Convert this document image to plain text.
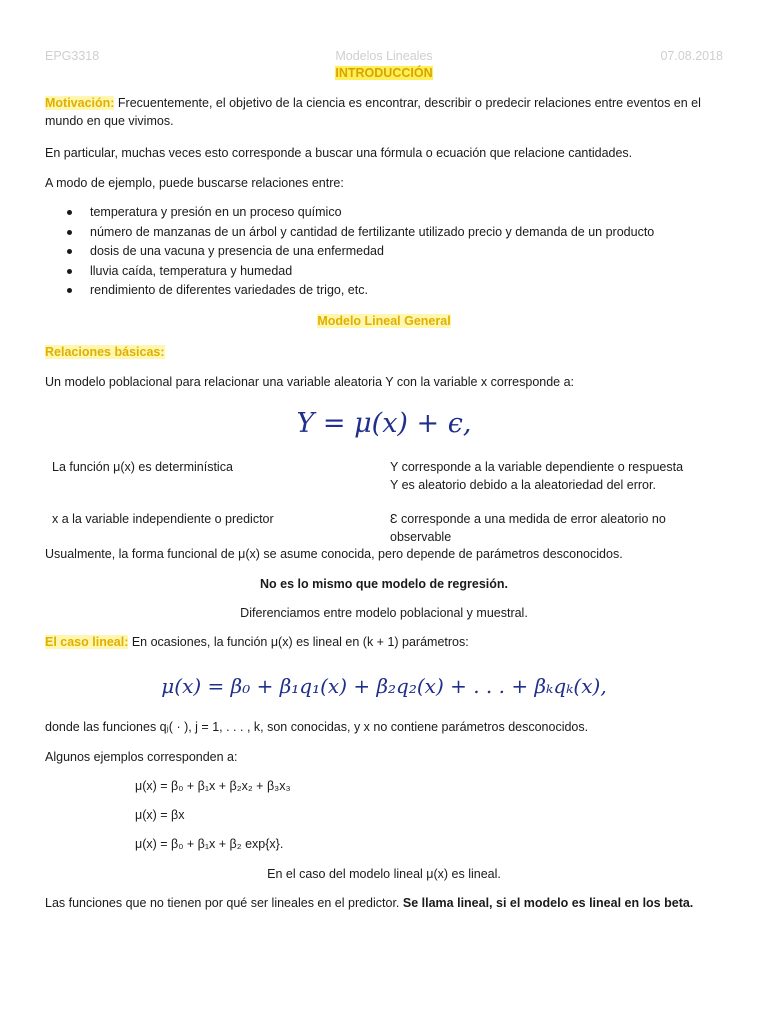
EPG3318	Modelos Lineales	07.08.2018
INTRODUCCIÓN
Motivación: Frecuentemente, el objetivo de la ciencia es encontrar, describir o predecir relaciones entre eventos en el mundo en que vivimos.
En particular, muchas veces esto corresponde a buscar una fórmula o ecuación que relacione cantidades.
A modo de ejemplo, puede buscarse relaciones entre:
temperatura y presión en un proceso químico
número de manzanas de un árbol y cantidad de fertilizante utilizado precio y demanda de un producto
dosis de una vacuna y presencia de una enfermedad
lluvia caída, temperatura y humedad
rendimiento de diferentes variedades de trigo, etc.
Modelo Lineal General
Relaciones básicas:
Un modelo poblacional para relacionar una variable aleatoria Y con la variable x corresponde a:
Y = μ(x) + ϵ,
La función μ(x) es determinística	Y corresponde a la variable dependiente o respuesta
Y es aleatorio debido a la aleatoriedad del error.
x a la variable independiente o predictor	Ɛ corresponde a una medida de error aleatorio no
observable
Usualmente, la forma funcional de μ(x) se asume conocida, pero depende de parámetros desconocidos.
No es lo mismo que modelo de regresión.
Diferenciamos entre modelo poblacional y muestral.
El caso lineal: En ocasiones, la función μ(x) es lineal en (k + 1) parámetros:
μ(x) = β₀ + β₁q₁(x) + β₂q₂(x) + . . . + βₖqₖ(x),
donde las funciones qⱼ( · ), j = 1, . . . , k, son conocidas, y x no contiene parámetros desconocidos.
Algunos ejemplos corresponden a:
μ(x) = β₀ + β₁x + β₂x₂ + β₃x₃
μ(x) = βx
μ(x) = β₀ + β₁x + β₂ exp{x}.
En el caso del modelo lineal μ(x) es lineal.
Las funciones que no tienen por qué ser lineales en el predictor. Se llama lineal, si el modelo es lineal en los beta.
